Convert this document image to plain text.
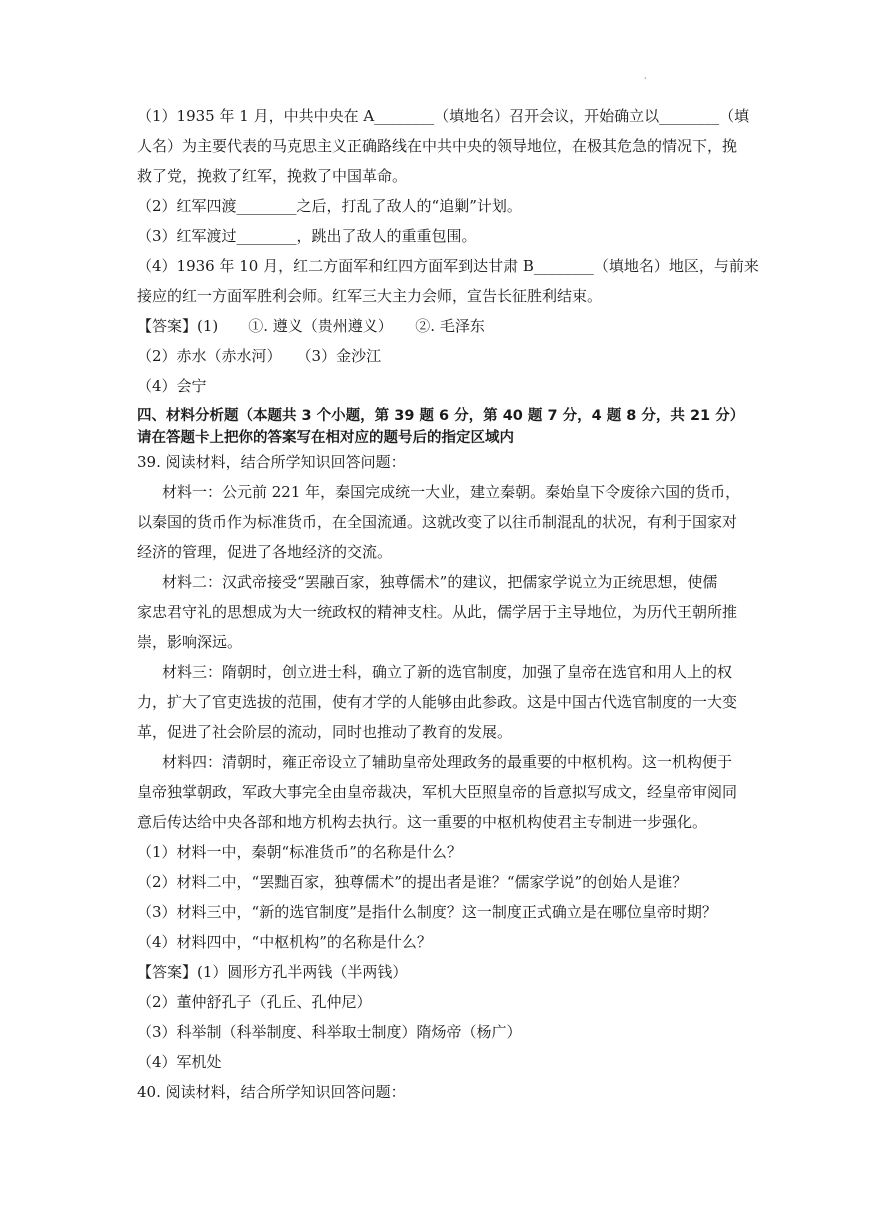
·
（1）1935 年 1 月，中共中央在 A________（填地名）召开会议，开始确立以________（填
人名）为主要代表的马克思主义正确路线在中共中央的领导地位，在极其危急的情况下，挽
救了党，挽救了红军，挽救了中国革命。
（2）红军四渡________之后，打乱了敌人的“追剿”计划。
（3）红军渡过________，跳出了敌人的重重包围。
（4）1936 年 10 月，红二方面军和红四方面军到达甘肃 B________（填地名）地区，与前来
接应的红一方面军胜利会师。红军三大主力会师，宣告长征胜利结束。
【答案】(1)　　①. 遵义（贵州遵义）　　②. 毛泽东
（2）赤水（赤水河）　　（3）金沙江
（4）会宁
四、材料分析题（本题共 3 个小题，第 39 题 6 分，第 40 题 7 分，4 题 8 分，共 21 分）
请在答题卡上把你的答案写在相对应的题号后的指定区域内
39. 阅读材料，结合所学知识回答问题：
材料一：公元前 221 年，秦国完成统一大业，建立秦朝。秦始皇下令废徐六国的货币，
以秦国的货币作为标准货币，在全国流通。这就改变了以往币制混乱的状况，有利于国家对
经济的管理，促进了各地经济的交流。
材料二：汉武帝接受“罢融百家，独尊儒术”的建议，把儒家学说立为正统思想，使儒
家忠君守礼的思想成为大一统政权的精神支柱。从此，儒学居于主导地位，为历代王朝所推
崇，影响深远。
材料三：隋朝时，创立进士科，确立了新的选官制度，加强了皇帝在选官和用人上的权
力，扩大了官吏选拔的范围，使有才学的人能够由此参政。这是中国古代选官制度的一大变
革，促进了社会阶层的流动，同时也推动了教育的发展。
材料四：清朝时，雍正帝设立了辅助皇帝处理政务的最重要的中枢机构。这一机构便于
皇帝独掌朝政，军政大事完全由皇帝裁决，军机大臣照皇帝的旨意拟写成文，经皇帝审阅同
意后传达给中央各部和地方机构去执行。这一重要的中枢机构使君主专制进一步强化。
（1）材料一中，秦朝“标准货币”的名称是什么？
（2）材料二中，“罢黜百家，独尊儒术”的提出者是谁？“儒家学说”的创始人是谁？
（3）材料三中，“新的选官制度”是指什么制度？这一制度正式确立是在哪位皇帝时期？
（4）材料四中，“中枢机构”的名称是什么？
【答案】(1）圆形方孔半两钱（半两钱）
（2）董仲舒孔子（孔丘、孔仲尼）
（3）科举制（科举制度、科举取士制度）隋炀帝（杨广）
（4）军机处
40. 阅读材料，结合所学知识回答问题：
